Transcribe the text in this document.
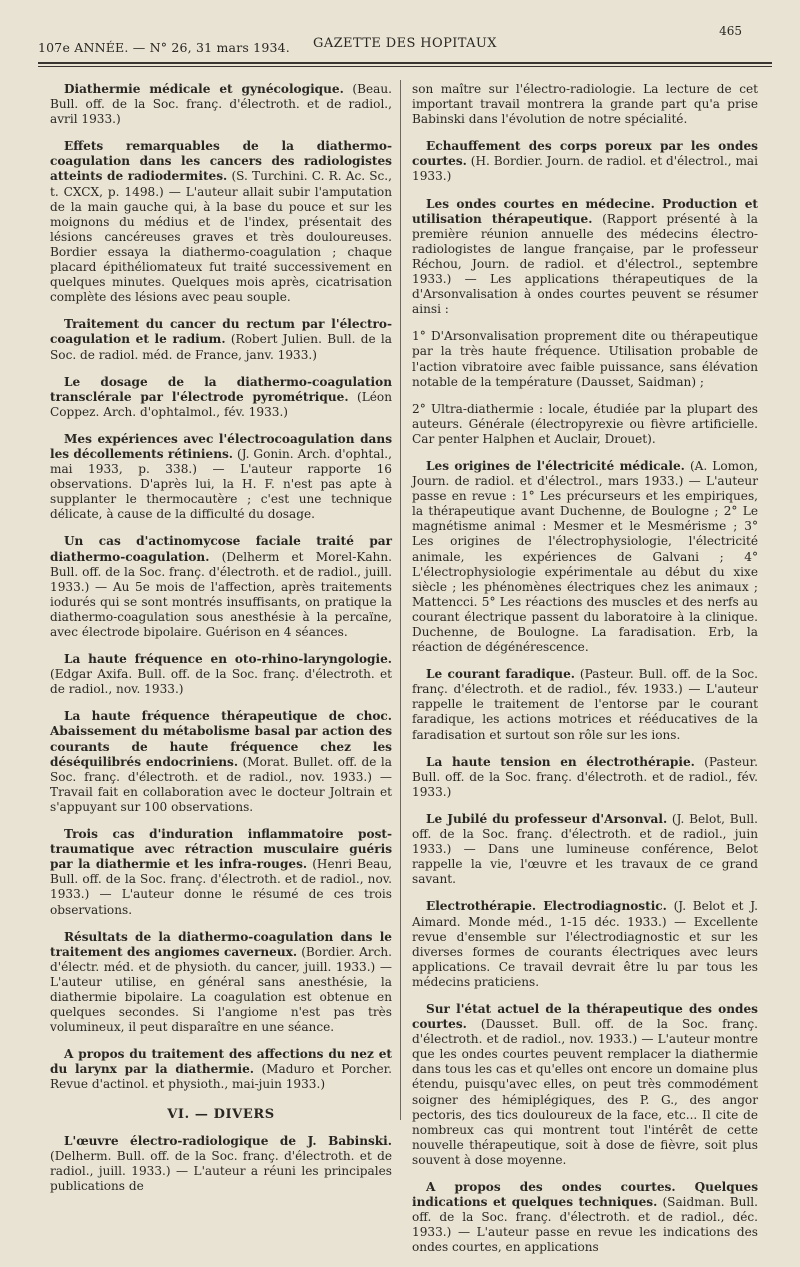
107e ANNÉE. — N° 26, 31 mars 1934.	GAZETTE DES HOPITAUX
465

Diathermie médicale et gynécologique. (Beau. Bull. off. de la Soc. franç. d'électroth. et de radiol., avril 1933.)

Effets remarquables de la diathermo-coagulation dans les cancers des radiologistes atteints de radiodermites. (S. Turchini. C. R. Ac. Sc., t. CXCX, p. 1498.) — L'auteur allait subir l'amputation de la main gauche qui, à la base du pouce et sur les moignons du médius et de l'index, présentait des lésions cancéreuses graves et très douloureuses. Bordier essaya la diathermo-coagulation ; chaque placard épithéliomateux fut traité successivement en quelques minutes. Quelques mois après, cicatrisation complète des lésions avec peau souple.

Traitement du cancer du rectum par l'électro-coagulation et le radium. (Robert Julien. Bull. de la Soc. de radiol. méd. de France, janv. 1933.)

Le dosage de la diathermo-coagulation transclérale par l'électrode pyrométrique. (Léon Coppez. Arch. d'ophtalmol., fév. 1933.)

Mes expériences avec l'électrocoagulation dans les décollements rétiniens. (J. Gonin. Arch. d'ophtal., mai 1933, p. 338.) — L'auteur rapporte 16 observations. D'après lui, la H. F. n'est pas apte à supplanter le thermocautère ; c'est une technique délicate, à cause de la difficulté du dosage.

Un cas d'actinomycose faciale traité par diathermo-coagulation. (Delherm et Morel-Kahn. Bull. off. de la Soc. franç. d'électroth. et de radiol., juill. 1933.) — Au 5e mois de l'affection, après traitements iodurés qui se sont montrés insuffisants, on pratique la diathermo-coagulation sous anesthésie à la percaïne, avec électrode bipolaire. Guérison en 4 séances.

La haute fréquence en oto-rhino-laryngologie. (Edgar Axifa. Bull. off. de la Soc. franç. d'électroth. et de radiol., nov. 1933.)

La haute fréquence thérapeutique de choc. Abaissement du métabolisme basal par action des courants de haute fréquence chez les déséquilibrés endocriniens. (Morat. Bullet. off. de la Soc. franç. d'électroth. et de radiol., nov. 1933.) — Travail fait en collaboration avec le docteur Joltrain et s'appuyant sur 100 observations.

Trois cas d'induration inflammatoire post-traumatique avec rétraction musculaire guéris par la diathermie et les infra-rouges. (Henri Beau, Bull. off. de la Soc. franç. d'électroth. et de radiol., nov. 1933.) — L'auteur donne le résumé de ces trois observations.

Résultats de la diathermo-coagulation dans le traitement des angiomes caverneux. (Bordier. Arch. d'électr. méd. et de physioth. du cancer, juill. 1933.) — L'auteur utilise, en général sans anesthésie, la diathermie bipolaire. La coagulation est obtenue en quelques secondes. Si l'angiome n'est pas très volumineux, il peut disparaître en une séance.

A propos du traitement des affections du nez et du larynx par la diathermie. (Maduro et Porcher. Revue d'actinol. et physioth., mai-juin 1933.)

VI. — DIVERS

L'œuvre électro-radiologique de J. Babinski. (Delherm. Bull. off. de la Soc. franç. d'électroth. et de radiol., juill. 1933.) — L'auteur a réuni les principales publications de

son maître sur l'électro-radiologie. La lecture de cet important travail montrera la grande part qu'a prise Babinski dans l'évolution de notre spécialité.

Echauffement des corps poreux par les ondes courtes. (H. Bordier. Journ. de radiol. et d'électrol., mai 1933.)

Les ondes courtes en médecine. Production et utilisation thérapeutique. (Rapport présenté à la première réunion annuelle des médecins électro-radiologistes de langue française, par le professeur Réchou, Journ. de radiol. et d'électrol., septembre 1933.) — Les applications thérapeutiques de la d'Arsonvalisation à ondes courtes peuvent se résumer ainsi :

1° D'Arsonvalisation proprement dite ou thérapeutique par la très haute fréquence. Utilisation probable de l'action vibratoire avec faible puissance, sans élévation notable de la température (Dausset, Saidman) ;

2° Ultra-diathermie : locale, étudiée par la plupart des auteurs. Générale (électropyrexie ou fièvre artificielle. Car penter Halphen et Auclair, Drouet).

Les origines de l'électricité médicale. (A. Lomon, Journ. de radiol. et d'électrol., mars 1933.) — L'auteur passe en revue : 1° Les précurseurs et les empiriques, la thérapeutique avant Duchenne, de Boulogne ; 2° Le magnétisme animal : Mesmer et le Mesmérisme ; 3° Les origines de l'électrophysiologie, l'électricité animale, les expériences de Galvani ; 4° L'électrophysiologie expérimentale au début du xixe siècle ; les phénomènes électriques chez les animaux ; Mattencci. 5° Les réactions des muscles et des nerfs au courant électrique passent du laboratoire à la clinique. Duchenne, de Boulogne. La faradisation. Erb, la réaction de dégénérescence.

Le courant faradique. (Pasteur. Bull. off. de la Soc. franç. d'électroth. et de radiol., fév. 1933.) — L'auteur rappelle le traitement de l'entorse par le courant faradique, les actions motrices et rééducatives de la faradisation et surtout son rôle sur les ions.

La haute tension en électrothérapie. (Pasteur. Bull. off. de la Soc. franç. d'électroth. et de radiol., fév. 1933.)

Le Jubilé du professeur d'Arsonval. (J. Belot, Bull. off. de la Soc. franç. d'électroth. et de radiol., juin 1933.) — Dans une lumineuse conférence, Belot rappelle la vie, l'œuvre et les travaux de ce grand savant.

Electrothérapie. Electrodiagnostic. (J. Belot et J. Aimard. Monde méd., 1-15 déc. 1933.) — Excellente revue d'ensemble sur l'électrodiagnostic et sur les diverses formes de courants électriques avec leurs applications. Ce travail devrait être lu par tous les médecins praticiens.

Sur l'état actuel de la thérapeutique des ondes courtes. (Dausset. Bull. off. de la Soc. franç. d'électroth. et de radiol., nov. 1933.) — L'auteur montre que les ondes courtes peuvent remplacer la diathermie dans tous les cas et qu'elles ont encore un domaine plus étendu, puisqu'avec elles, on peut très commodément soigner des hémiplégiques, des P. G., des angor pectoris, des tics douloureux de la face, etc... Il cite de nombreux cas qui montrent tout l'intérêt de cette nouvelle thérapeutique, soit à dose de fièvre, soit plus souvent à dose moyenne.

A propos des ondes courtes. Quelques indications et quelques techniques. (Saidman. Bull. off. de la Soc. franç. d'électroth. et de radiol., déc. 1933.) — L'auteur passe en revue les indications des ondes courtes, en applications
